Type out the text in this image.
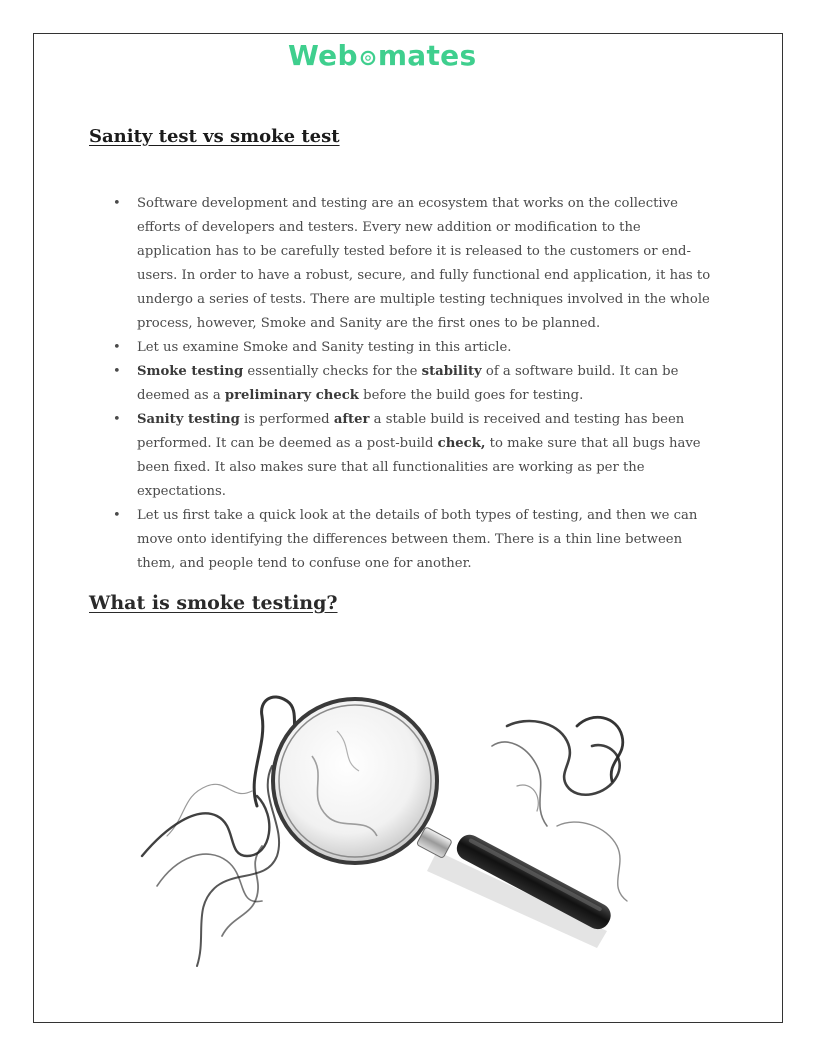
Web mates
Sanity test vs smoke test
• Software development and testing are an ecosystem that works on the collective efforts of developers and testers. Every new addition or modification to the application has to be carefully tested before it is released to the customers or end-users. In order to have a robust, secure, and fully functional end application, it has to undergo a series of tests. There are multiple testing techniques involved in the whole process, however, Smoke and Sanity are the first ones to be planned.
• Let us examine Smoke and Sanity testing in this article.
• Smoke testing essentially checks for the stability of a software build. It can be deemed as a preliminary check before the build goes for testing.
• Sanity testing is performed after a stable build is received and testing has been performed. It can be deemed as a post-build check, to make sure that all bugs have been fixed. It also makes sure that all functionalities are working as per the expectations.
• Let us first take a quick look at the details of both types of testing, and then we can move onto identifying the differences between them. There is a thin line between them, and people tend to confuse one for another.
What is smoke testing?
